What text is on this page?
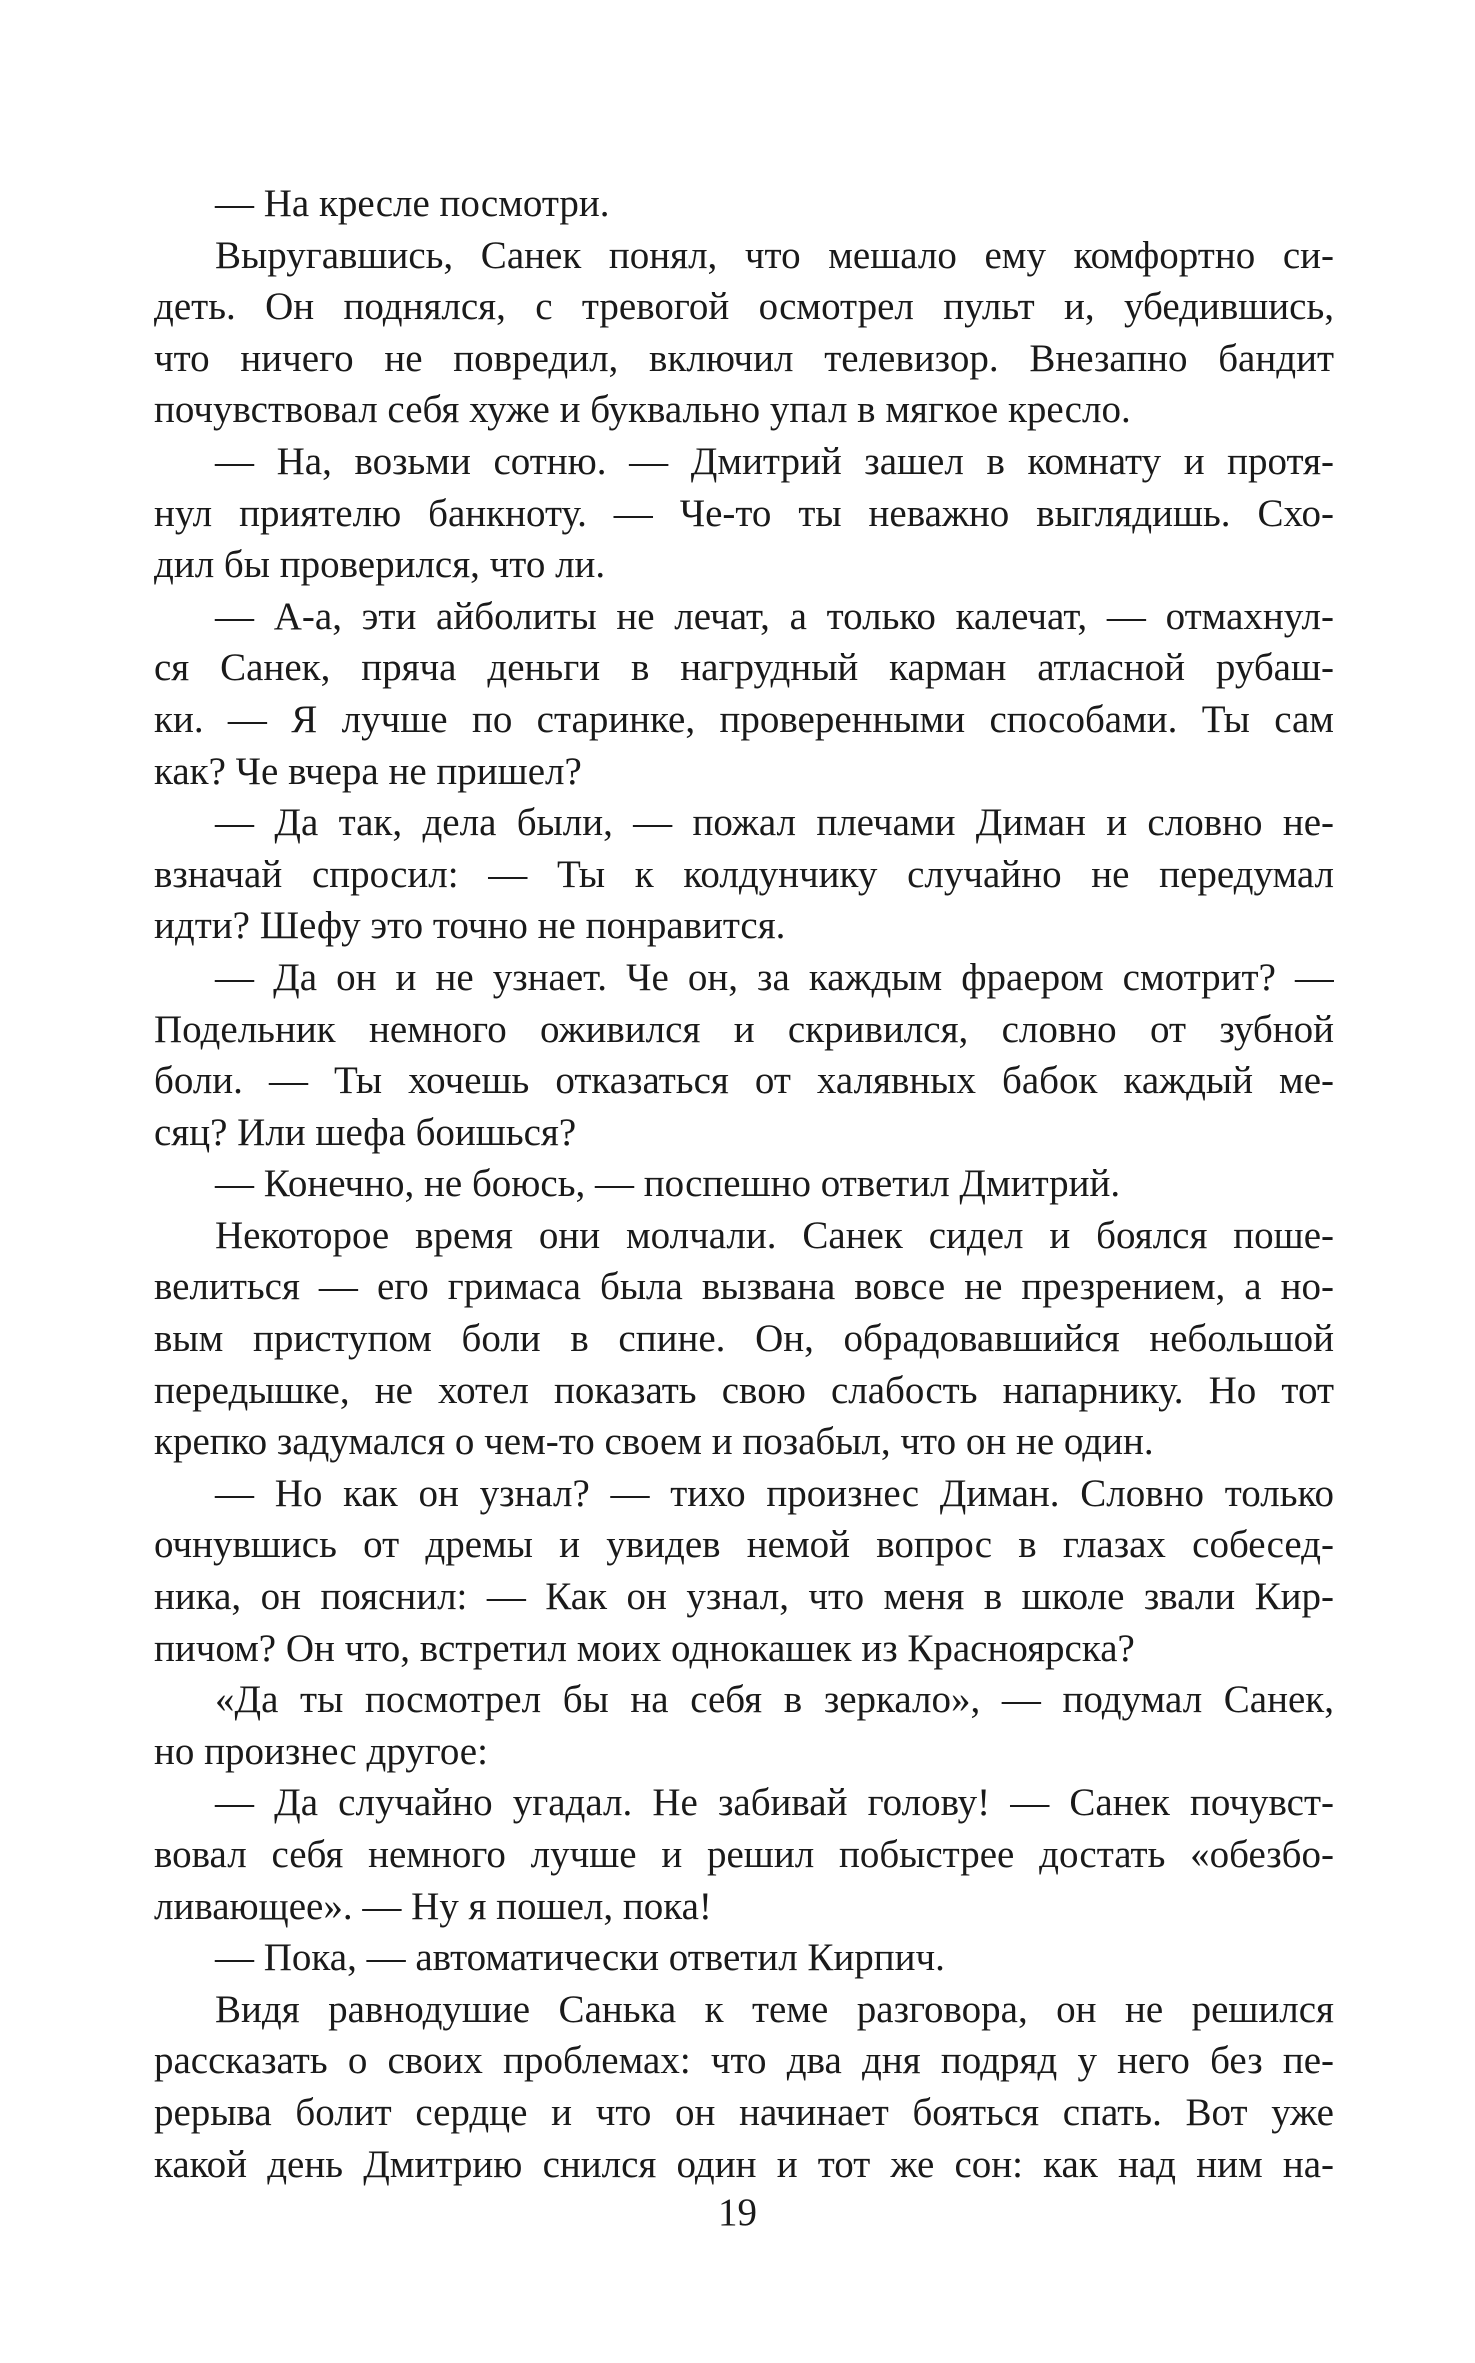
— На кресле посмотри.
Выругавшись, Санек понял, что мешало ему комфортно си-
деть. Он поднялся, с тревогой осмотрел пульт и, убедившись,
что ничего не повредил, включил телевизор. Внезапно бандит
почувствовал себя хуже и буквально упал в мягкое кресло.
— На, возьми сотню. — Дмитрий зашел в комнату и протя-
нул приятелю банкноту. — Че-то ты неважно выглядишь. Схо-
дил бы проверился, что ли.
— А-а, эти айболиты не лечат, а только калечат, — отмахнул-
ся Санек, пряча деньги в нагрудный карман атласной рубаш-
ки. — Я лучше по старинке, проверенными способами. Ты сам
как? Че вчера не пришел?
— Да так, дела были, — пожал плечами Диман и словно не-
взначай спросил: — Ты к колдунчику случайно не передумал
идти? Шефу это точно не понравится.
— Да он и не узнает. Че он, за каждым фраером смотрит? —
Подельник немного оживился и скривился, словно от зубной
боли. — Ты хочешь отказаться от халявных бабок каждый ме-
сяц? Или шефа боишься?
— Конечно, не боюсь, — поспешно ответил Дмитрий.
Некоторое время они молчали. Санек сидел и боялся поше-
велиться — его гримаса была вызвана вовсе не презрением, а но-
вым приступом боли в спине. Он, обрадовавшийся небольшой
передышке, не хотел показать свою слабость напарнику. Но тот
крепко задумался о чем-то своем и позабыл, что он не один.
— Но как он узнал? — тихо произнес Диман. Словно только
очнувшись от дремы и увидев немой вопрос в глазах собесед-
ника, он пояснил: — Как он узнал, что меня в школе звали Кир-
пичом? Он что, встретил моих однокашек из Красноярска?
«Да ты посмотрел бы на себя в зеркало», — подумал Санек,
но произнес другое:
— Да случайно угадал. Не забивай голову! — Санек почувст-
вовал себя немного лучше и решил побыстрее достать «обезбо-
ливающее». — Ну я пошел, пока!
— Пока, — автоматически ответил Кирпич.
Видя равнодушие Санька к теме разговора, он не решился
рассказать о своих проблемах: что два дня подряд у него без пе-
рерыва болит сердце и что он начинает бояться спать. Вот уже
какой день Дмитрию снился один и тот же сон: как над ним на-
19
